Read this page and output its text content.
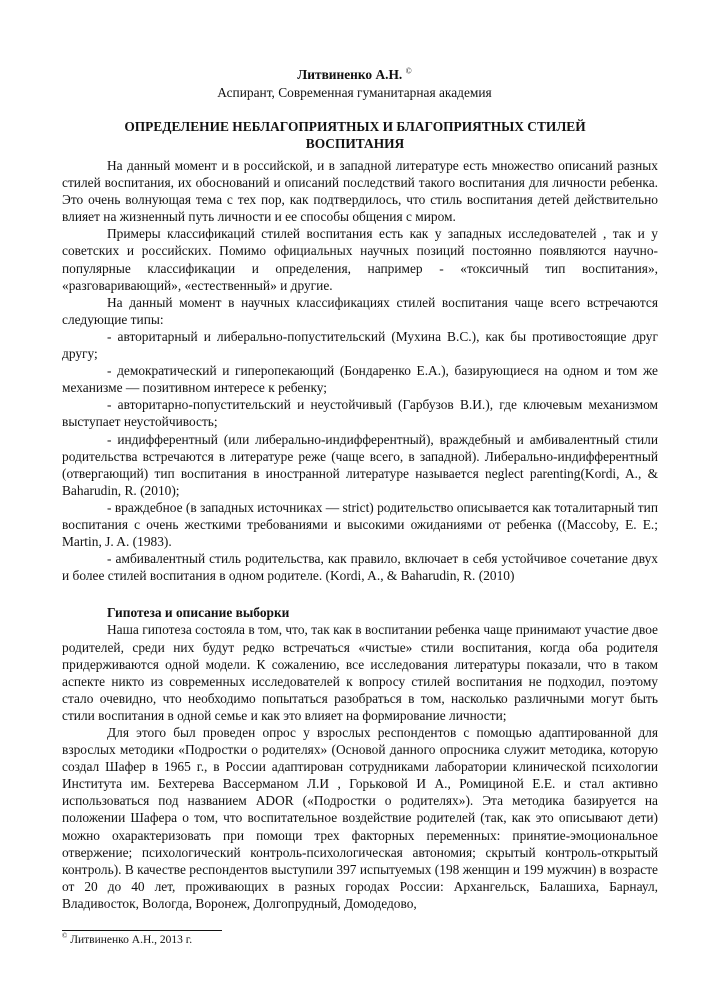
Литвиненко А.Н. ©
Аспирант, Современная гуманитарная академия
ОПРЕДЕЛЕНИЕ НЕБЛАГОПРИЯТНЫХ И БЛАГОПРИЯТНЫХ СТИЛЕЙ ВОСПИТАНИЯ

На данный момент и в российской, и в западной литературе есть множество описаний разных стилей воспитания, их обоснований и описаний последствий такого воспитания для личности ребенка. Это очень волнующая тема с тех пор, как подтвердилось, что стиль воспитания детей действительно влияет на жизненный путь личности и ее способы общения с миром.

Примеры классификаций стилей воспитания есть как у западных исследователей , так и у советских и российских. Помимо официальных научных позиций постоянно появляются научно-популярные классификации и определения, например - «токсичный тип воспитания», «разговаривающий», «естественный» и другие.

На данный момент в научных классификациях стилей воспитания чаще всего встречаются следующие типы:

- авторитарный и либерально-попустительский (Мухина В.С.), как бы противостоящие друг другу;

- демократический и гиперопекающий (Бондаренко Е.А.), базирующиеся на одном и том же механизме — позитивном интересе к ребенку;

- авторитарно-попустительский и неустойчивый (Гарбузов В.И.), где ключевым механизмом выступает неустойчивость;

- индифферентный (или либерально-индифферентный), враждебный и амбивалентный стили родительства встречаются в литературе реже (чаще всего, в западной). Либерально-индифферентный (отвергающий) тип воспитания в иностранной литературе называется neglect parenting(Kordi, A., & Baharudin, R. (2010);

- враждебное (в западных источниках — strict) родительство описывается как тоталитарный тип воспитания с очень жесткими требованиями и высокими ожиданиями от ребенка ((Maccoby, E. E.; Martin, J. A. (1983).

- амбивалентный стиль родительства, как правило, включает в себя устойчивое сочетание двух и более стилей воспитания в одном родителе. (Kordi, A., & Baharudin, R. (2010)

Гипотеза и описание выборки

Наша гипотеза состояла в том, что, так как в воспитании ребенка чаще принимают участие двое родителей, среди них будут редко встречаться «чистые» стили воспитания, когда оба родителя придерживаются одной модели. К сожалению, все исследования литературы показали, что в таком аспекте никто из современных исследователей к вопросу стилей воспитания не подходил, поэтому стало очевидно, что необходимо попытаться разобраться в том, насколько различными могут быть стили воспитания в одной семье и как это влияет на формирование личности;

Для этого был проведен опрос у взрослых респондентов с помощью адаптированной для взрослых методики «Подростки о родителях» (Основой данного опросника служит методика, которую создал Шафер в 1965 г., в России адаптирован сотрудниками лаборатории клинической психологии Института им. Бехтерева Вассерманом Л.И , Горьковой И А., Ромициной Е.Е. и стал активно использоваться под названием ADOR («Подростки о родителях»). Эта методика базируется на положении Шафера о том, что воспитательное воздействие родителей (так, как это описывают дети) можно охарактеризовать при помощи трех факторных переменных: принятие-эмоциональное отвержение; психологический контроль-психологическая автономия; скрытый контроль-открытый контроль). В качестве респондентов выступили 397 испытуемых (198 женщин и 199 мужчин) в возрасте от 20 до 40 лет, проживающих в разных городах России: Архангельск, Балашиха, Барнаул, Владивосток, Вологда, Воронеж, Долгопрудный, Домодедово,

© Литвиненко А.Н., 2013 г.
